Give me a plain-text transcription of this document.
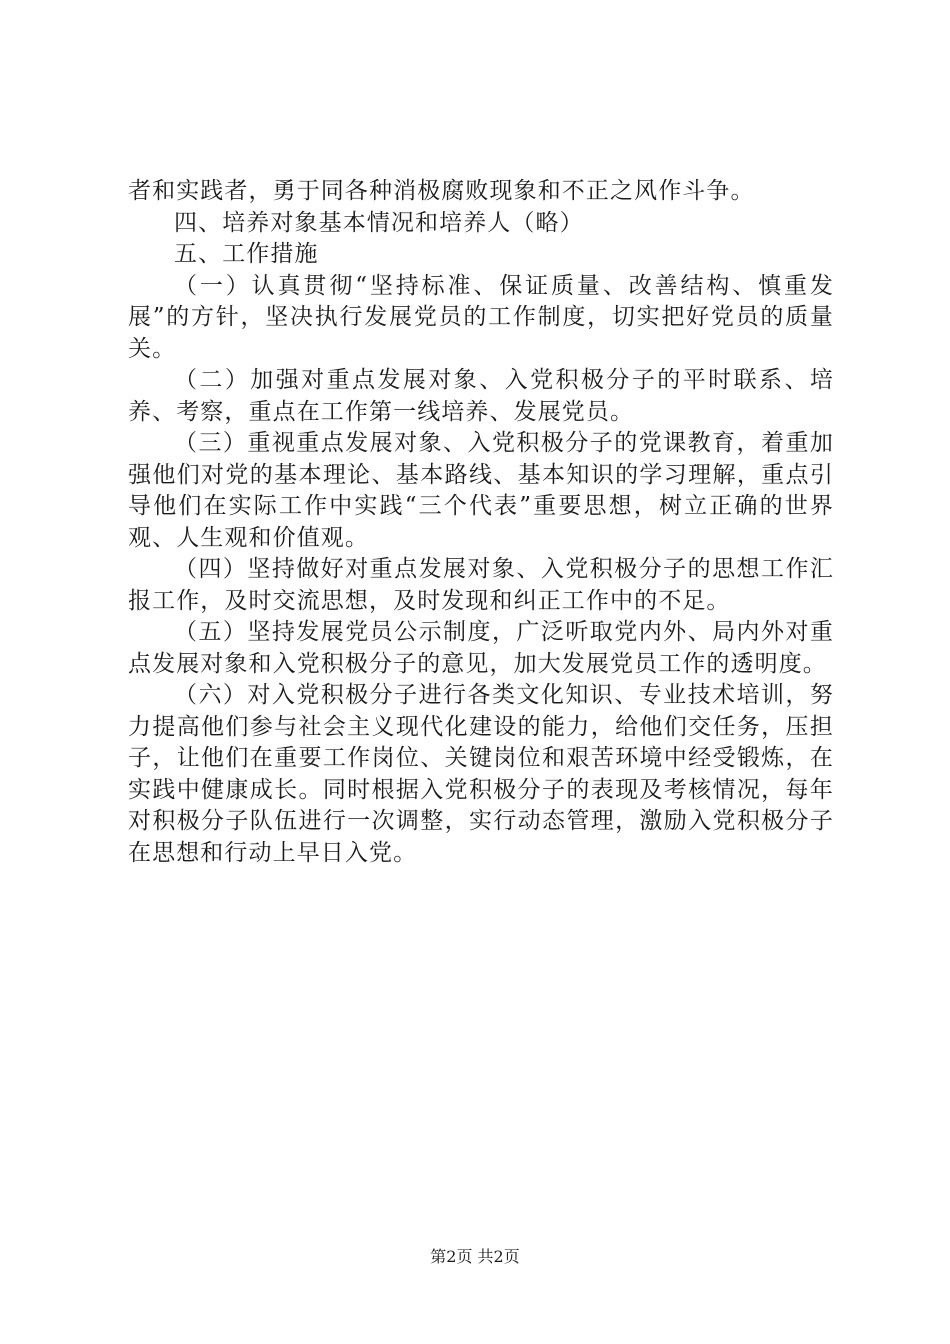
者和实践者，勇于同各种消极腐败现象和不正之风作斗争。

四、培养对象基本情况和培养人（略）

五、工作措施

（一）认真贯彻“坚持标准、保证质量、改善结构、慎重发展”的方针，坚决执行发展党员的工作制度，切实把好党员的质量关。

（二）加强对重点发展对象、入党积极分子的平时联系、培养、考察，重点在工作第一线培养、发展党员。

（三）重视重点发展对象、入党积极分子的党课教育，着重加强他们对党的基本理论、基本路线、基本知识的学习理解，重点引导他们在实际工作中实践“三个代表”重要思想，树立正确的世界观、人生观和价值观。

（四）坚持做好对重点发展对象、入党积极分子的思想工作汇报工作，及时交流思想，及时发现和纠正工作中的不足。

（五）坚持发展党员公示制度，广泛听取党内外、局内外对重点发展对象和入党积极分子的意见，加大发展党员工作的透明度。

（六）对入党积极分子进行各类文化知识、专业技术培训，努力提高他们参与社会主义现代化建设的能力，给他们交任务，压担子，让他们在重要工作岗位、关键岗位和艰苦环境中经受锻炼，在实践中健康成长。同时根据入党积极分子的表现及考核情况，每年对积极分子队伍进行一次调整，实行动态管理，激励入党积极分子在思想和行动上早日入党。

第2页 共2页
